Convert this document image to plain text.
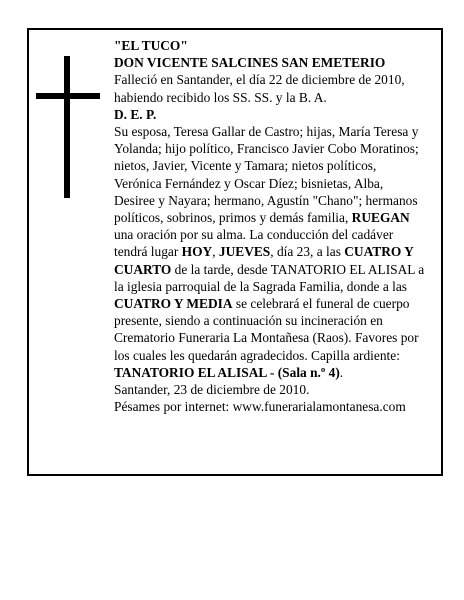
"EL TUCO"

DON VICENTE SALCINES SAN EMETERIO

Falleció en Santander, el día 22 de diciembre de 2010, habiendo recibido los SS. SS. y la B. A.

D. E. P.

Su esposa, Teresa Gallar de Castro; hijas, María Teresa y Yolanda; hijo político, Francisco Javier Cobo Moratinos; nietos, Javier, Vicente y Tamara; nietos políticos, Verónica Fernández y Oscar Díez; bisnietas, Alba, Desiree y Nayara; hermano, Agustín "Chano"; hermanos políticos, sobrinos, primos y demás familia, RUEGAN una oración por su alma. La conducción del cadáver tendrá lugar HOY, JUEVES, día 23, a las CUATRO Y CUARTO de la tarde, desde TANATORIO EL ALISAL a la iglesia parroquial de la Sagrada Familia, donde a las CUATRO Y MEDIA se celebrará el funeral de cuerpo presente, siendo a continuación su incineración en Crematorio Funeraria La Montañesa (Raos). Favores por los cuales les quedarán agradecidos. Capilla ardiente: TANATORIO EL ALISAL - (Sala n.º 4).

Santander, 23 de diciembre de 2010.

Pésames por internet: www.funerarialamontanesa.com
